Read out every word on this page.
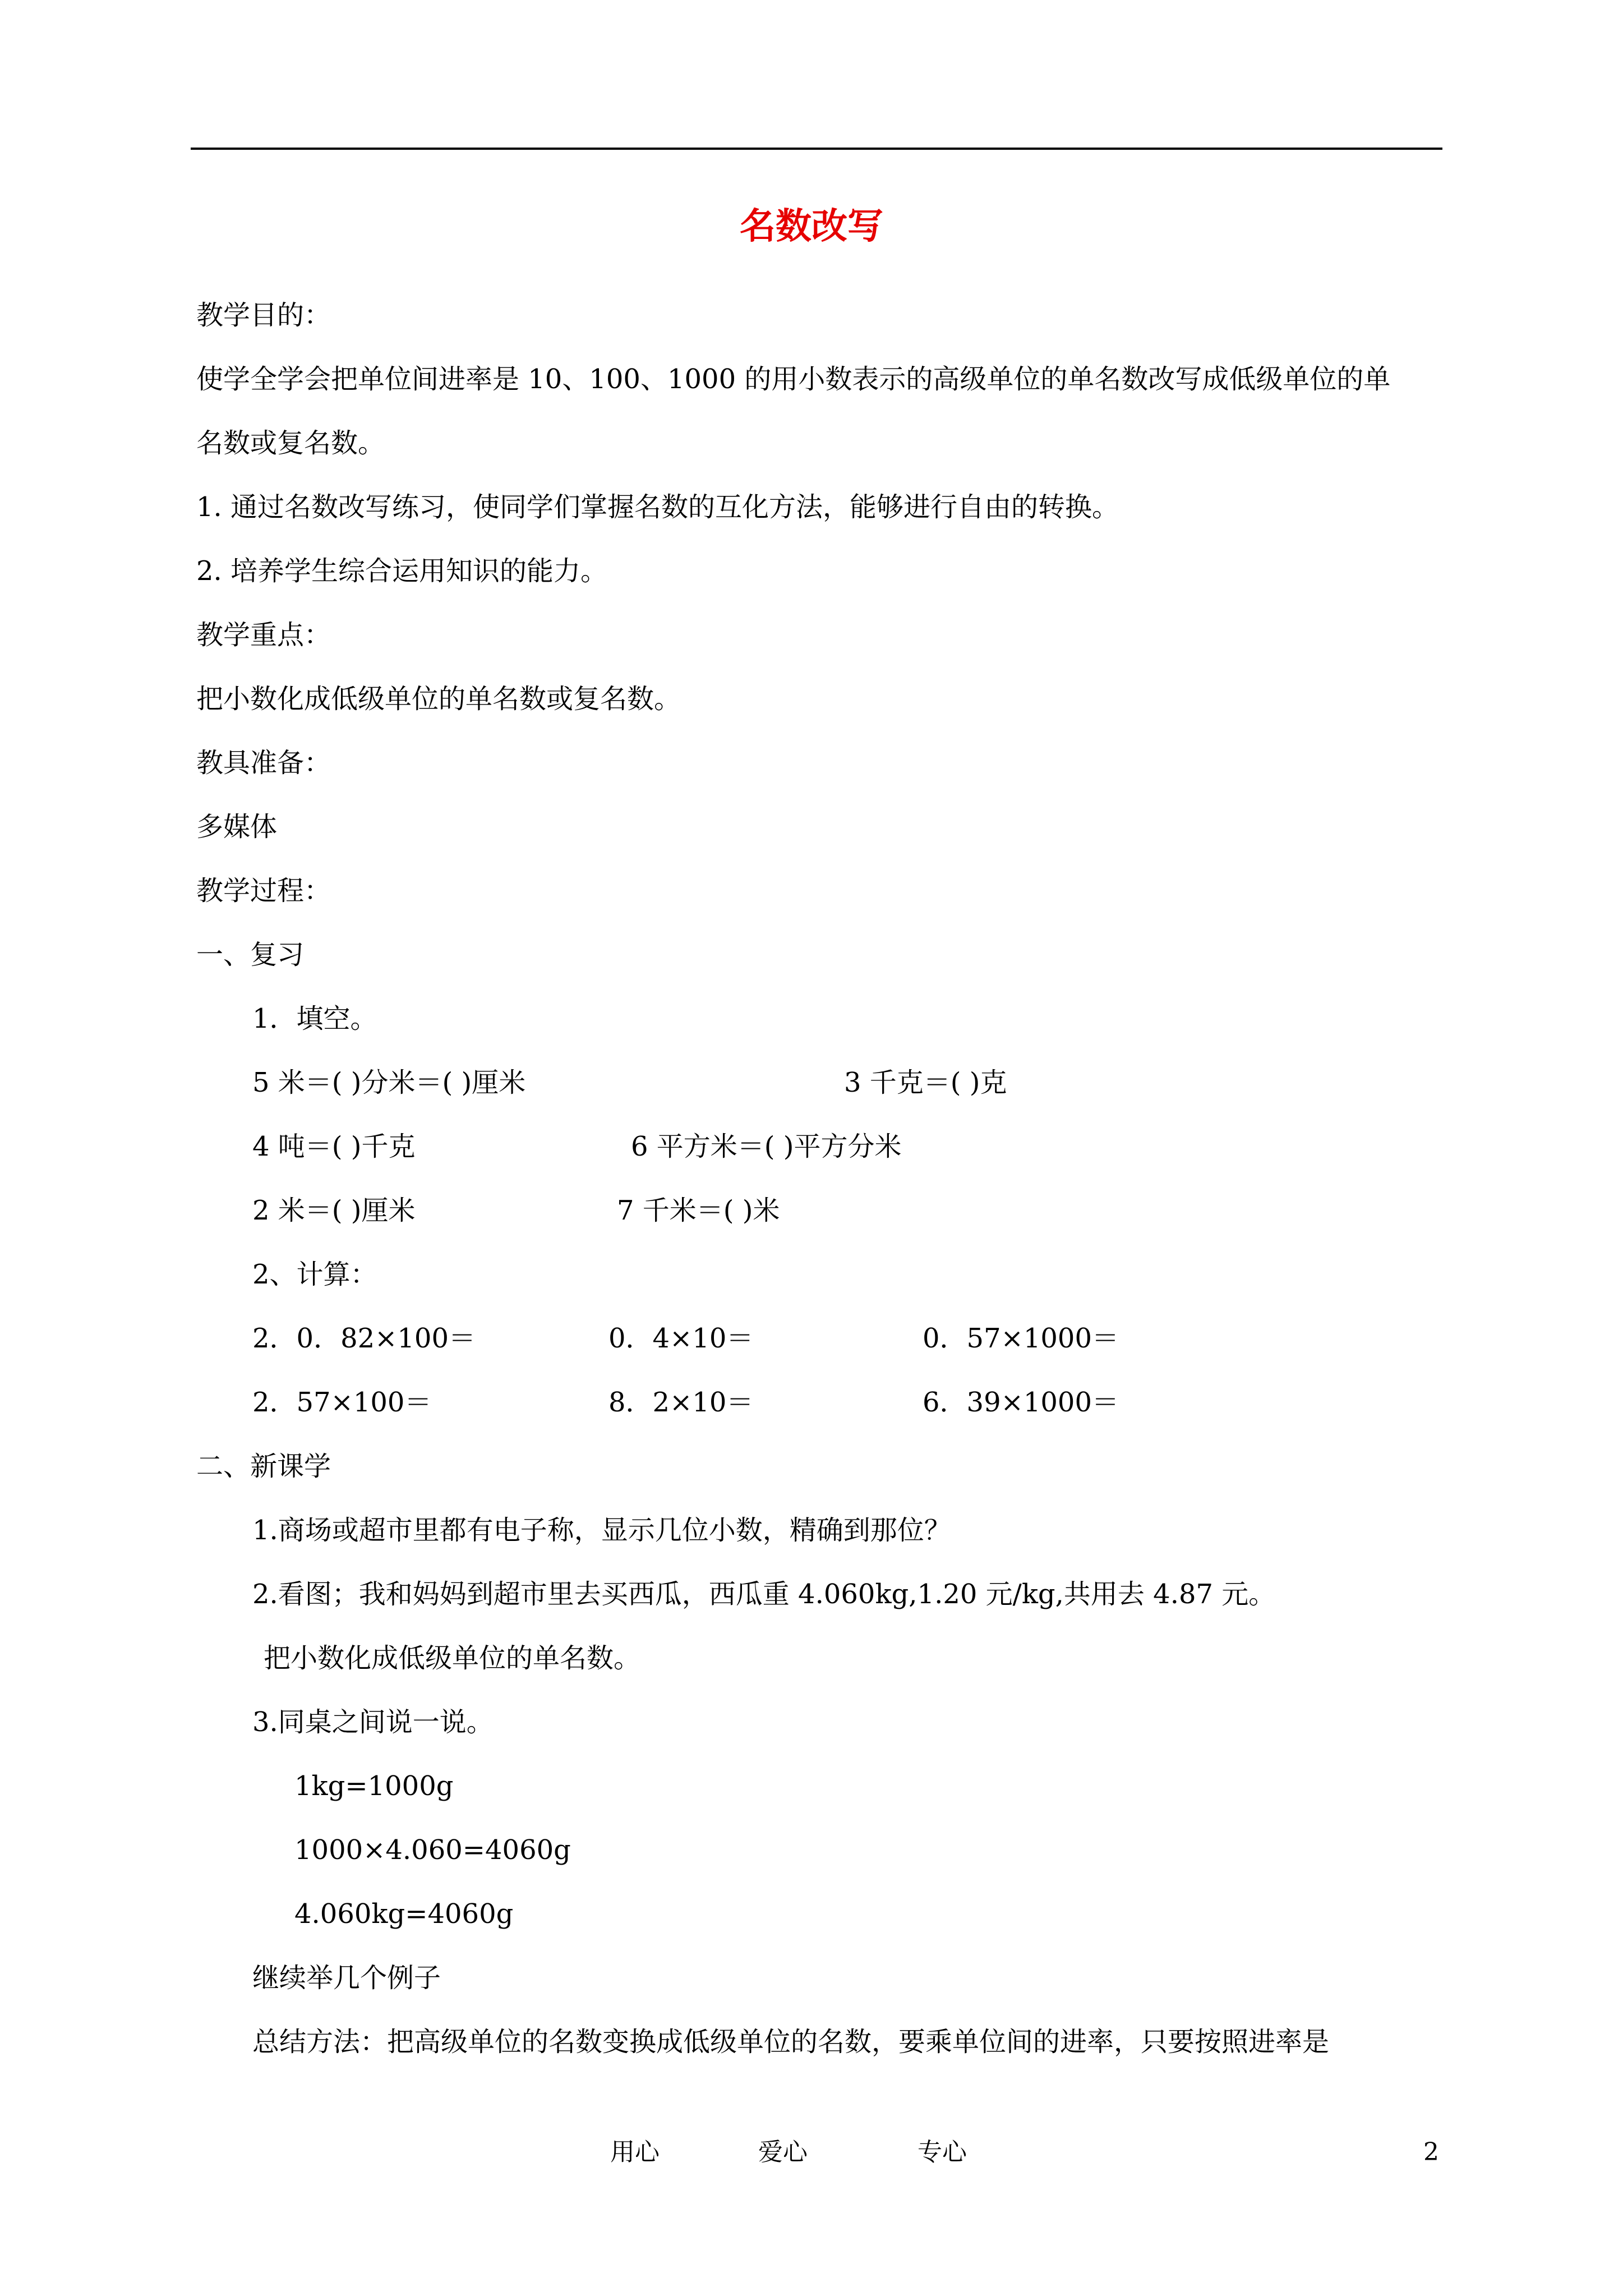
名数改写
教学目的：
使学全学会把单位间进率是 10、100、1000 的用小数表示的高级单位的单名数改写成低级单位的单
名数或复名数。
1. 通过名数改写练习，使同学们掌握名数的互化方法，能够进行自由的转换。
2. 培养学生综合运用知识的能力。
教学重点：
把小数化成低级单位的单名数或复名数。
教具准备：
多媒体
教学过程：
一、复习
1．填空。
5 米＝( )分米＝( )厘米	3 千克＝( )克
4 吨＝( )千克	6 平方米＝( )平方分米
2 米＝( )厘米	7 千米＝( )米
2、计算：
2．0．82×100＝	0．4×10＝	0．57×1000＝
2．57×100＝	8．2×10＝	6．39×1000＝
二、新课学
1.商场或超市里都有电子称，显示几位小数，精确到那位？
2.看图；我和妈妈到超市里去买西瓜，西瓜重 4.060kg,1.20 元/kg,共用去 4.87 元。
把小数化成低级单位的单名数。
3.同桌之间说一说。
1kg=1000g
1000×4.060=4060g
4.060kg=4060g
继续举几个例子
总结方法：把高级单位的名数变换成低级单位的名数，要乘单位间的进率，只要按照进率是
用心	爱心	专心	2
